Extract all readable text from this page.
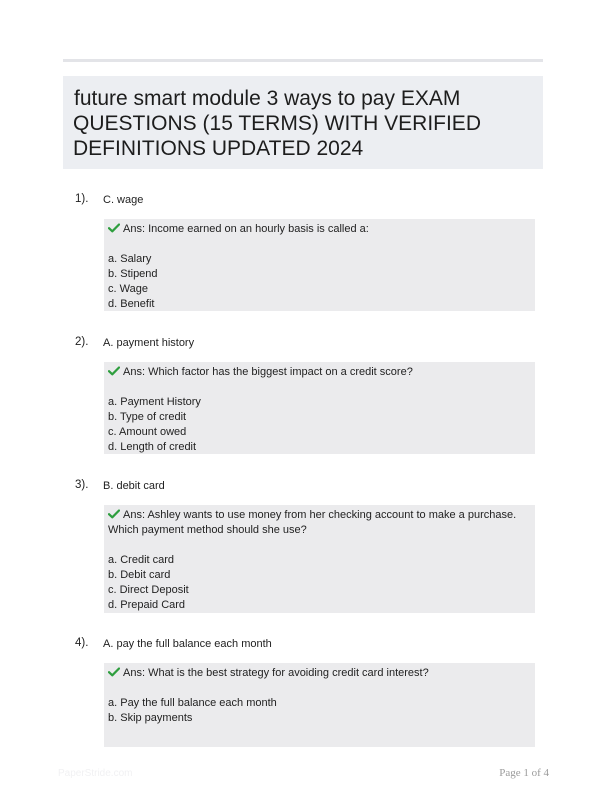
future smart module 3 ways to pay EXAM
QUESTIONS (15 TERMS) WITH VERIFIED
DEFINITIONS UPDATED 2024
1). C. wage
Ans: Income earned on an hourly basis is called a:
a. Salary
b. Stipend
c. Wage
d. Benefit
2). A. payment history
Ans: Which factor has the biggest impact on a credit score?
a. Payment History
b. Type of credit
c. Amount owed
d. Length of credit
3). B. debit card
Ans: Ashley wants to use money from her checking account to make a purchase.
Which payment method should she use?
a. Credit card
b. Debit card
c. Direct Deposit
d. Prepaid Card
4). A. pay the full balance each month
Ans: What is the best strategy for avoiding credit card interest?
a. Pay the full balance each month
b. Skip payments
PaperStride.com	Page 1 of 4
